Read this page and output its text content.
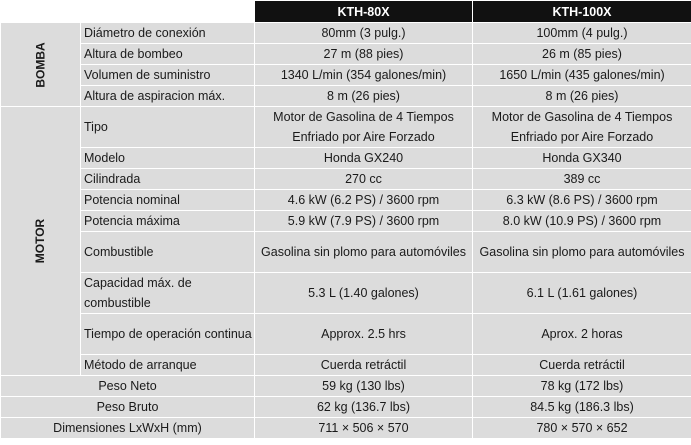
		KTH-80X	KTH-100X
BOMBA	Diámetro de conexión	80mm (3 pulg.)	100mm (4 pulg.)
	Altura de bombeo	27 m (88 pies)	26 m (85 pies)
	Volumen de suministro	1340 L/min (354 galones/min)	1650 L/min (435 galones/min)
	Altura de aspiracion máx.	8 m (26 pies)	8 m (26 pies)
MOTOR	Tipo	Motor de Gasolina de 4 Tiempos Enfriado por Aire Forzado	Motor de Gasolina de 4 Tiempos Enfriado por Aire Forzado
	Modelo	Honda GX240	Honda GX340
	Cilindrada	270 cc	389 cc
	Potencia nominal	4.6 kW (6.2 PS) / 3600 rpm	6.3 kW (8.6 PS) / 3600 rpm
	Potencia máxima	5.9 kW (7.9 PS) / 3600 rpm	8.0 kW (10.9 PS) / 3600 rpm
	Combustible	Gasolina sin plomo para automóviles	Gasolina sin plomo para automóviles
	Capacidad máx. de combustible	5.3 L (1.40 galones)	6.1 L (1.61 galones)
	Tiempo de operación continua	Approx. 2.5 hrs	Aprox. 2 horas
	Método de arranque	Cuerda retráctil	Cuerda retráctil
Peso Neto		59 kg (130 lbs)	78 kg (172 lbs)
Peso Bruto		62 kg (136.7 lbs)	84.5 kg (186.3 lbs)
Dimensiones LxWxH (mm)		711 × 506 × 570	780 × 570 × 652
